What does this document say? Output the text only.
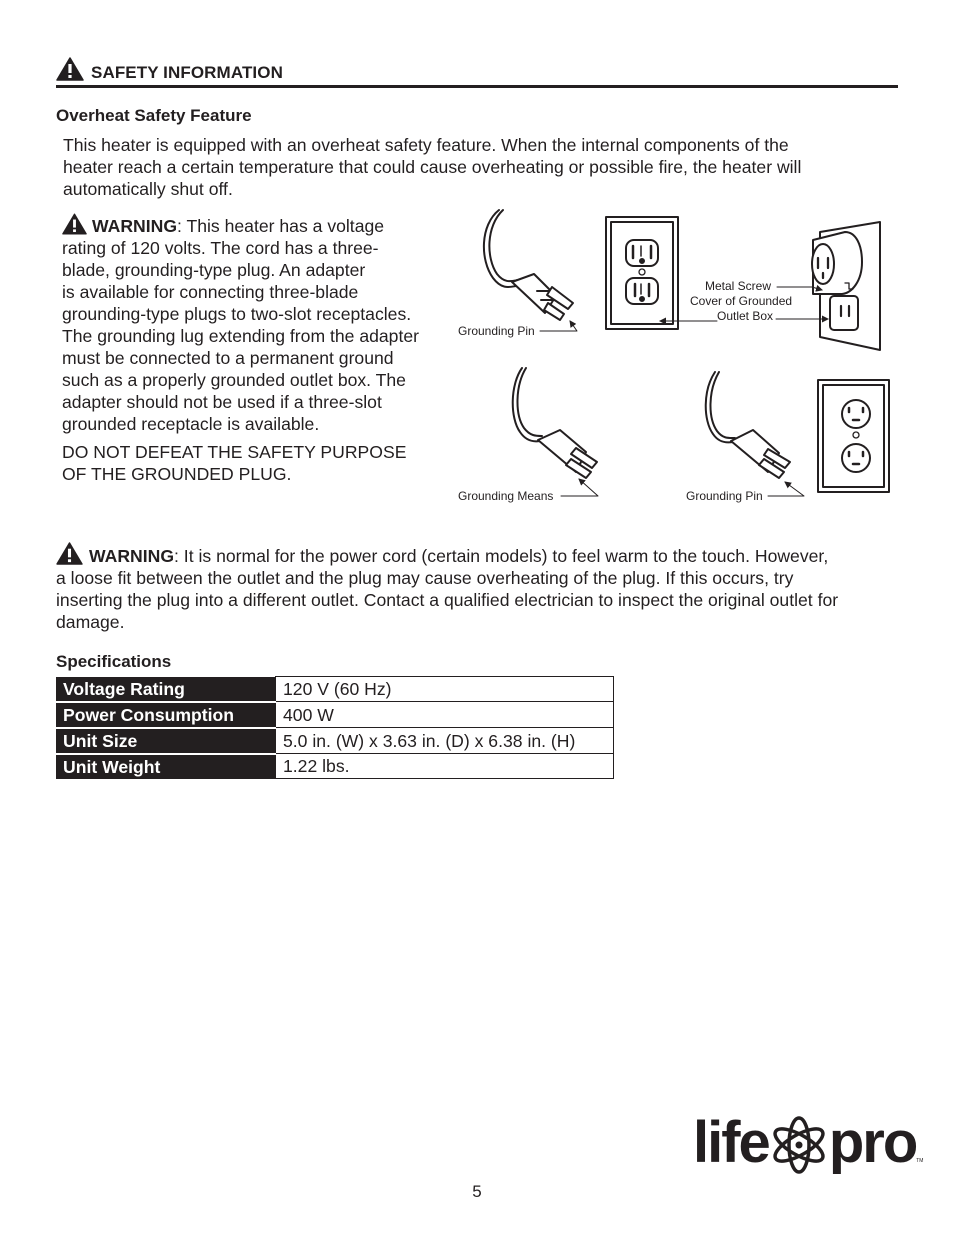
SAFETY INFORMATION
Overheat Safety Feature
This heater is equipped with an overheat safety feature. When the internal components of the
heater reach a certain temperature that could cause overheating or possible fire, the heater will
automatically shut off.
WARNING: This heater has a voltage
rating of 120 volts. The cord has a three-
blade, grounding-type plug. An adapter
is available for connecting three-blade
grounding-type plugs to two-slot receptacles.
The grounding lug extending from the adapter
must be connected to a permanent ground
such as a properly grounded outlet box. The
adapter should not be used if a three-slot
grounded receptacle is available.
DO NOT DEFEAT THE SAFETY PURPOSE
OF THE GROUNDED PLUG.
Grounding Pin
Metal Screw
Cover of Grounded
Outlet Box
Grounding Means	Grounding Pin
WARNING: It is normal for the power cord (certain models) to feel warm to the touch. However,
a loose fit between the outlet and the plug may cause overheating of the plug. If this occurs, try
inserting the plug into a different outlet. Contact a qualified electrician to inspect the original outlet for
damage.
Specifications
Voltage Rating	120 V (60 Hz)
Power Consumption	400 W
Unit Size	5.0 in. (W) x 3.63 in. (D) x 6.38 in. (H)
Unit Weight	1.22 lbs.
life pro$_{TM}$
5
